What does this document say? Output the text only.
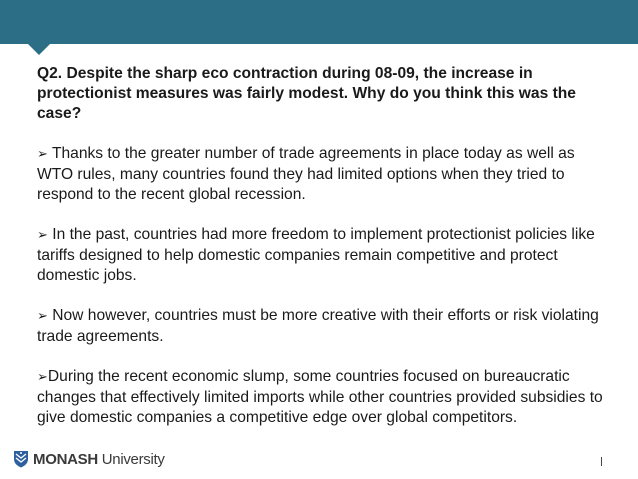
Q2. Despite the sharp eco contraction during 08-09, the increase in protectionist measures was fairly modest. Why do you think this was the case?

➢ Thanks to the greater number of trade agreements in place today as well as WTO rules, many countries found they had limited options when they tried to respond to the recent global recession.

➢ In the past, countries had more freedom to implement protectionist policies like tariffs designed to help domestic companies remain competitive and protect domestic jobs.

➢ Now however, countries must be more creative with their efforts or risk violating trade agreements.

➢During the recent economic slump, some countries focused on bureaucratic changes that effectively limited imports while other countries provided subsidies to give domestic companies a competitive edge over global competitors.

MONASH University
